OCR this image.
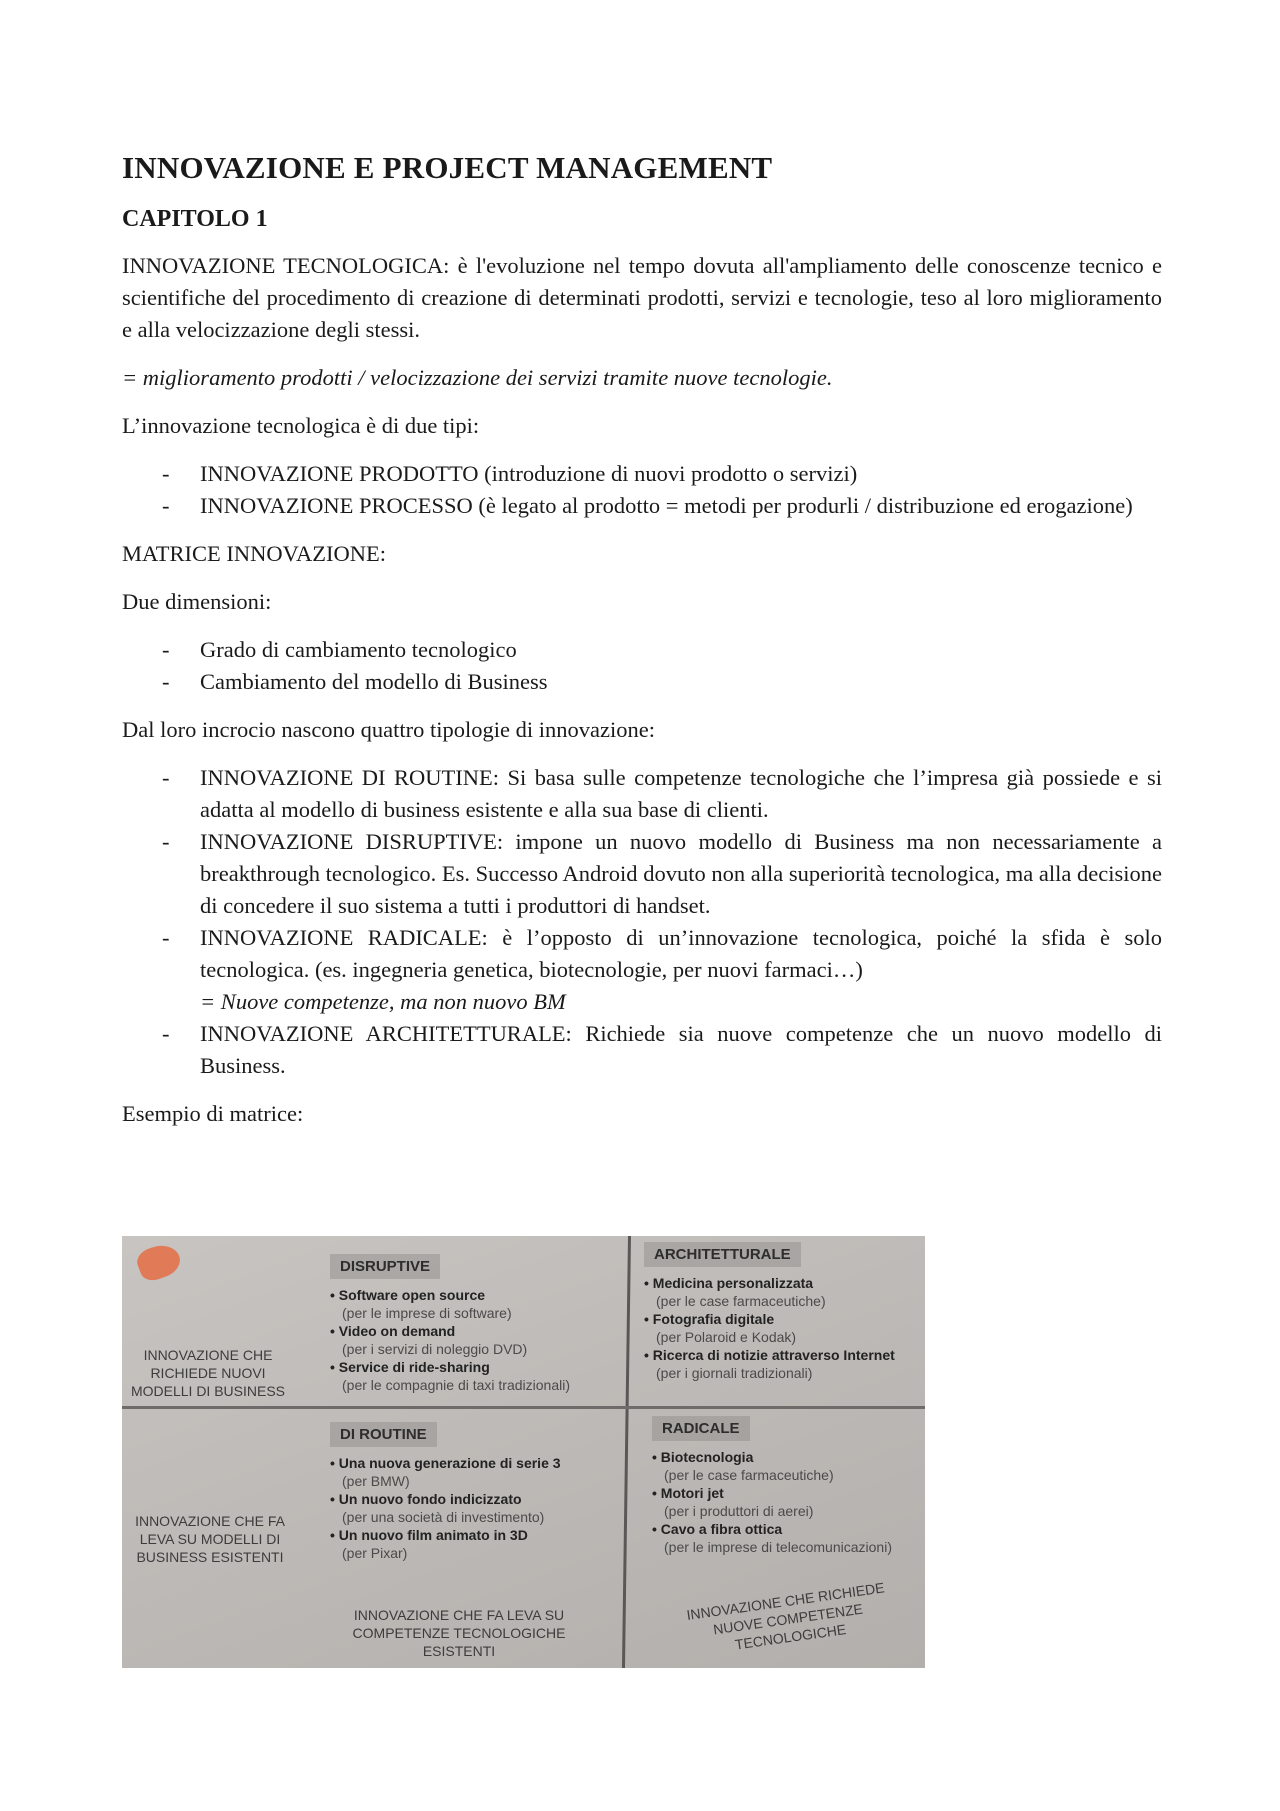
INNOVAZIONE E PROJECT MANAGEMENT
CAPITOLO 1

INNOVAZIONE TECNOLOGICA: è l'evoluzione nel tempo dovuta all'ampliamento delle conoscenze tecnico e scientifiche del procedimento di creazione di determinati prodotti, servizi e tecnologie, teso al loro miglioramento e alla velocizzazione degli stessi.

= miglioramento prodotti / velocizzazione dei servizi tramite nuove tecnologie.

L’innovazione tecnologica è di due tipi:

- INNOVAZIONE PRODOTTO (introduzione di nuovi prodotto o servizi)
- INNOVAZIONE PROCESSO (è legato al prodotto = metodi per produrli / distribuzione ed erogazione)

MATRICE INNOVAZIONE:

Due dimensioni:

- Grado di cambiamento tecnologico
- Cambiamento del modello di Business

Dal loro incrocio nascono quattro tipologie di innovazione:

- INNOVAZIONE DI ROUTINE: Si basa sulle competenze tecnologiche che l’impresa già possiede e si adatta al modello di business esistente e alla sua base di clienti.
- INNOVAZIONE DISRUPTIVE: impone un nuovo modello di Business ma non necessariamente a breakthrough tecnologico. Es. Successo Android dovuto non alla superiorità tecnologica, ma alla decisione di concedere il suo sistema a tutti i produttori di handset.
- INNOVAZIONE RADICALE: è l’opposto di un’innovazione tecnologica, poiché la sfida è solo tecnologica. (es. ingegneria genetica, biotecnologie, per nuovi farmaci…)
= Nuove competenze, ma non nuovo BM
- INNOVAZIONE ARCHITETTURALE: Richiede sia nuove competenze che un nuovo modello di Business.

Esempio di matrice:

INNOVAZIONE CHE RICHIEDE NUOVI MODELLI DI BUSINESS
INNOVAZIONE CHE FA LEVA SU MODELLI DI BUSINESS ESISTENTI
DISRUPTIVE
• Software open source
(per le imprese di software)
• Video on demand
(per i servizi di noleggio DVD)
• Service di ride-sharing
(per le compagnie di taxi tradizionali)
ARCHITETTURALE
• Medicina personalizzata
(per le case farmaceutiche)
• Fotografia digitale
(per Polaroid e Kodak)
• Ricerca di notizie attraverso Internet
(per i giornali tradizionali)
DI ROUTINE
• Una nuova generazione di serie 3
(per BMW)
• Un nuovo fondo indicizzato
(per una società di investimento)
• Un nuovo film animato in 3D
(per Pixar)
RADICALE
• Biotecnologia
(per le case farmaceutiche)
• Motori jet
(per i produttori di aerei)
• Cavo a fibra ottica
(per le imprese di telecomunicazioni)
INNOVAZIONE CHE FA LEVA SU COMPETENZE TECNOLOGICHE ESISTENTI
INNOVAZIONE CHE RICHIEDE NUOVE COMPETENZE TECNOLOGICHE
